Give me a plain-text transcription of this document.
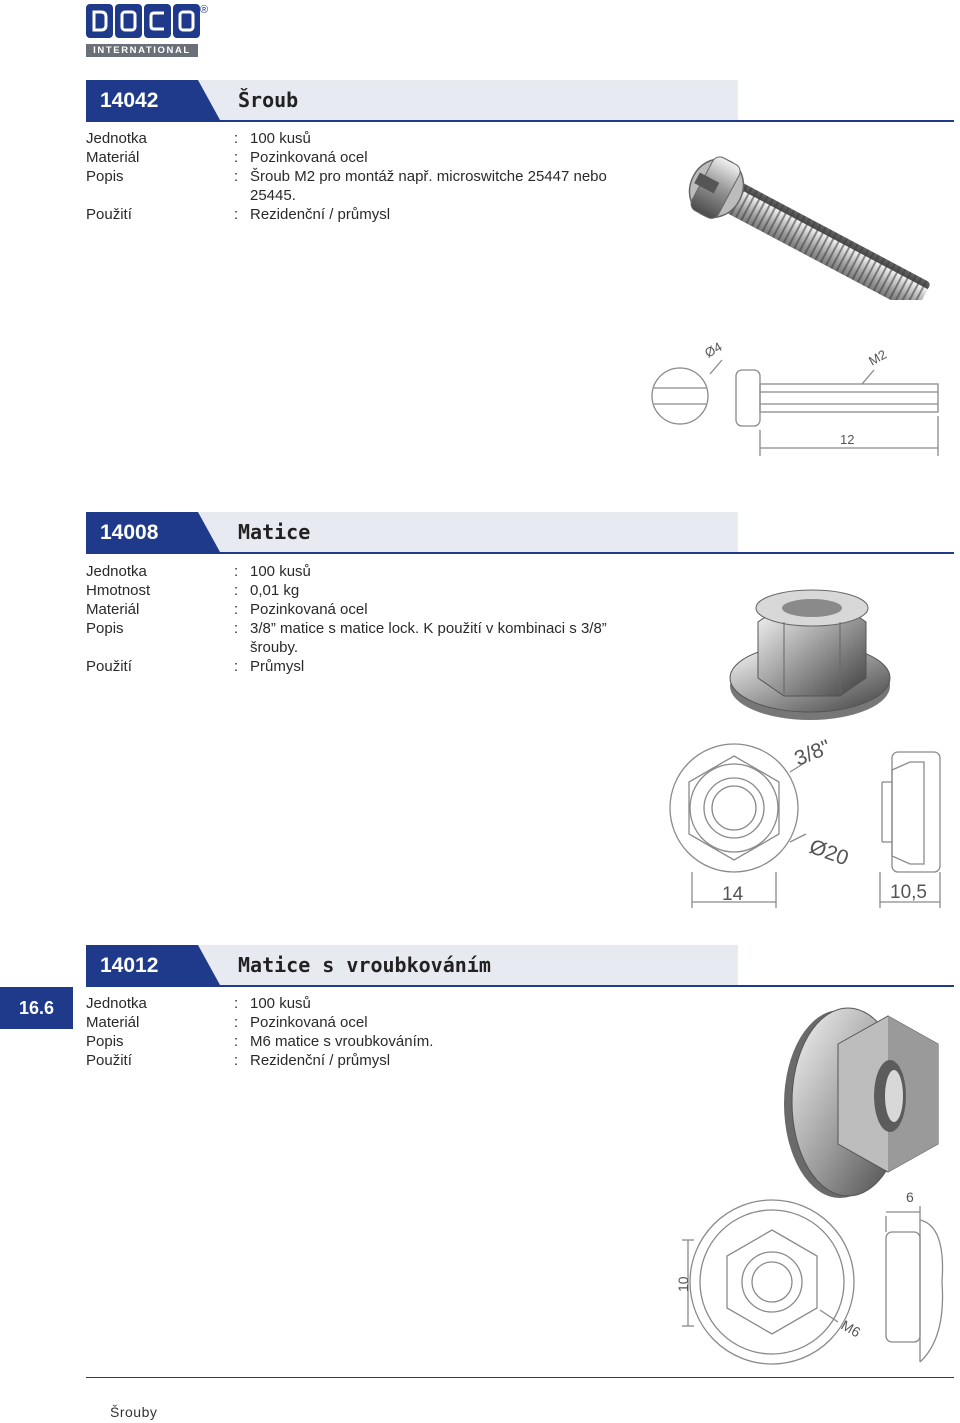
®
INTERNATIONAL
14042	Šroub
Jednotka	: 100 kusů
Materiál	: Pozinkovaná ocel
Popis	: Šroub M2 pro montáž např. microswitche 25447 nebo 25445.
Použití	: Rezidenční / průmysl
Ø4	M2
12
14008	Matice
Jednotka	: 100 kusů
Hmotnost	: 0,01 kg
Materiál	: Pozinkovaná ocel
Popis	: 3/8” matice s matice lock. K použití v kombinaci s 3/8” šrouby.
Použití	: Průmysl
3/8"
Ø20
14	10,5
14012	Matice s vroubkováním
16.6	Jednotka	: 100 kusů
Materiál	: Pozinkovaná ocel
Popis	: M6 matice s vroubkováním.
Použití	: Rezidenční / průmysl
6
10
M6
Šrouby
